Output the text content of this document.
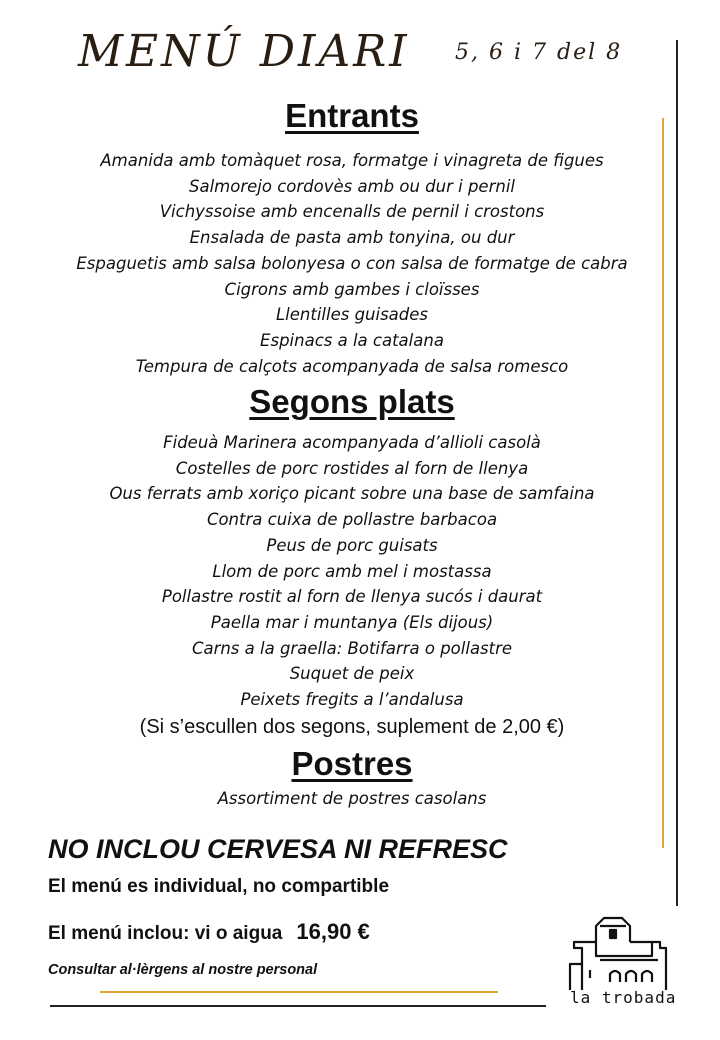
MENÚ DIARI 5, 6 i 7 del 8
Entrants
Amanida amb tomàquet rosa, formatge i vinagreta de figues
Salmorejo cordovès amb ou dur i pernil
Vichyssoise amb encenalls de pernil i crostons
Ensalada de pasta amb tonyina, ou dur
Espaguetis amb salsa bolonyesa o con salsa de formatge de cabra
Cigrons amb gambes i cloïsses
Llentilles guisades
Espinacs a la catalana
Tempura de calçots acompanyada de salsa romesco
Segons plats
Fideuà Marinera acompanyada d’allioli casolà
Costelles de porc rostides al forn de llenya
Ous ferrats amb xoriço picant sobre una base de samfaina
Contra cuixa de pollastre barbacoa
Peus de porc guisats
Llom de porc amb mel i mostassa
Pollastre rostit al forn de llenya sucós i daurat
Paella mar i muntanya (Els dijous)
Carns a la graella: Botifarra o pollastre
Suquet de peix
Peixets fregits a l’andalusa
(Si s’escullen dos segons, suplement de 2,00 €)
Postres
Assortiment de postres casolans
NO INCLOU CERVESA NI REFRESC
El menú es individual, no compartible
El menú inclou: vi o aigua 16,90 €
Consultar al·lèrgens al nostre personal
la trobada
